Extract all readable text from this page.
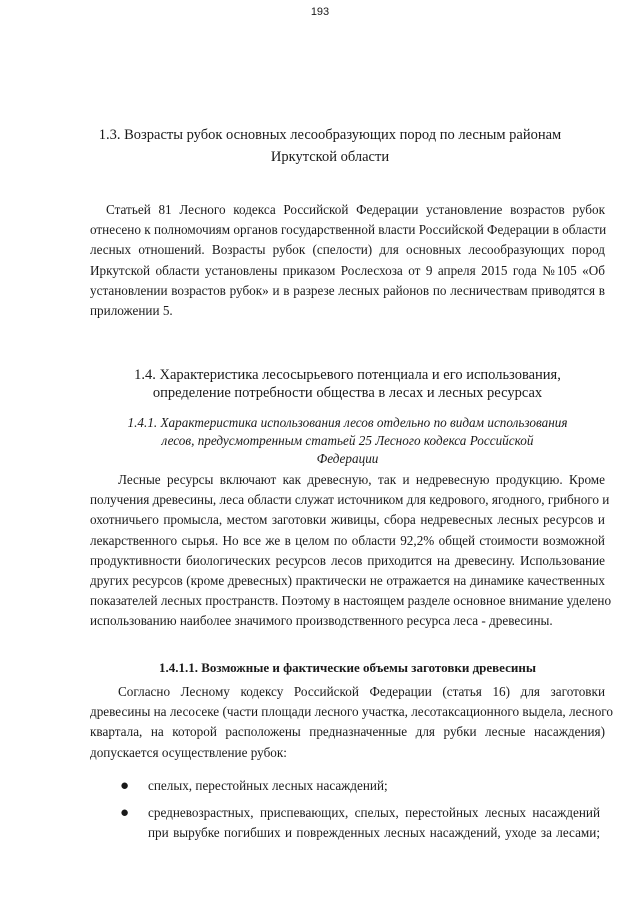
193
1.3. Возрасты рубок основных лесообразующих пород по лесным районам
Иркутской области
Статьей 81 Лесного кодекса Российской Федерации установление возрастов рубок
отнесено к полномочиям органов государственной власти Российской Федерации в области
лесных отношений. Возрасты рубок (спелости) для основных лесообразующих пород
Иркутской области установлены приказом Рослесхоза от 9 апреля 2015 года №105 «Об
установлении возрастов рубок» и в разрезе лесных районов по лесничествам приводятся в
приложении 5.
1.4. Характеристика лесосырьевого потенциала и его использования,
определение потребности общества в лесах и лесных ресурсах
1.4.1. Характеристика использования лесов отдельно по видам использования
лесов, предусмотренным статьей 25 Лесного кодекса Российской
Федерации
Лесные ресурсы включают как древесную, так и недревесную продукцию. Кроме
получения древесины, леса области служат источником для кедрового, ягодного, грибного и
охотничьего промысла, местом заготовки живицы, сбора недревесных лесных ресурсов и
лекарственного сырья. Но все же в целом по области 92,2% общей стоимости возможной
продуктивности биологических ресурсов лесов приходится на древесину. Использование
других ресурсов (кроме древесных) практически не отражается на динамике качественных
показателей лесных пространств. Поэтому в настоящем разделе основное внимание уделено
использованию наиболее значимого производственного ресурса леса - древесины.
1.4.1.1. Возможные и фактические объемы заготовки древесины
Согласно Лесному кодексу Российской Федерации (статья 16) для заготовки
древесины на лесосеке (части площади лесного участка, лесотаксационного выдела, лесного
квартала, на которой расположены предназначенные для рубки лесные насаждения)
допускается осуществление рубок:
● спелых, перестойных лесных насаждений;
● средневозрастных, приспевающих, спелых, перестойных лесных насаждений
при вырубке погибших и поврежденных лесных насаждений, уходе за лесами;
